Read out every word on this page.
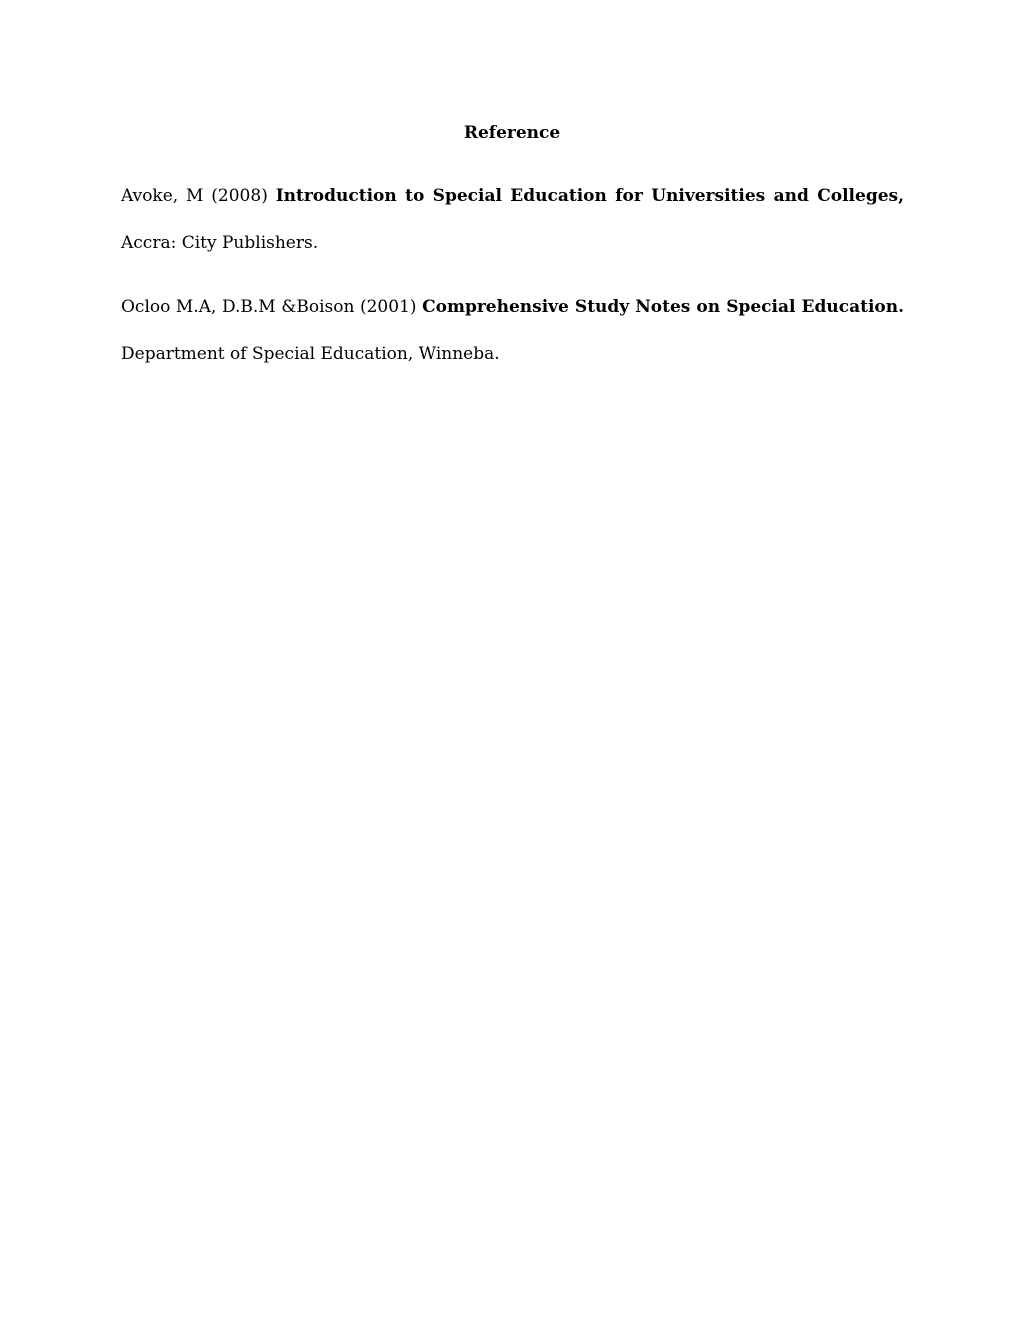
Reference
Avoke, M (2008) Introduction to Special Education for Universities and Colleges,
Accra: City Publishers.
Ocloo M.A, D.B.M &Boison (2001) Comprehensive Study Notes on Special Education.
Department of Special Education, Winneba.
